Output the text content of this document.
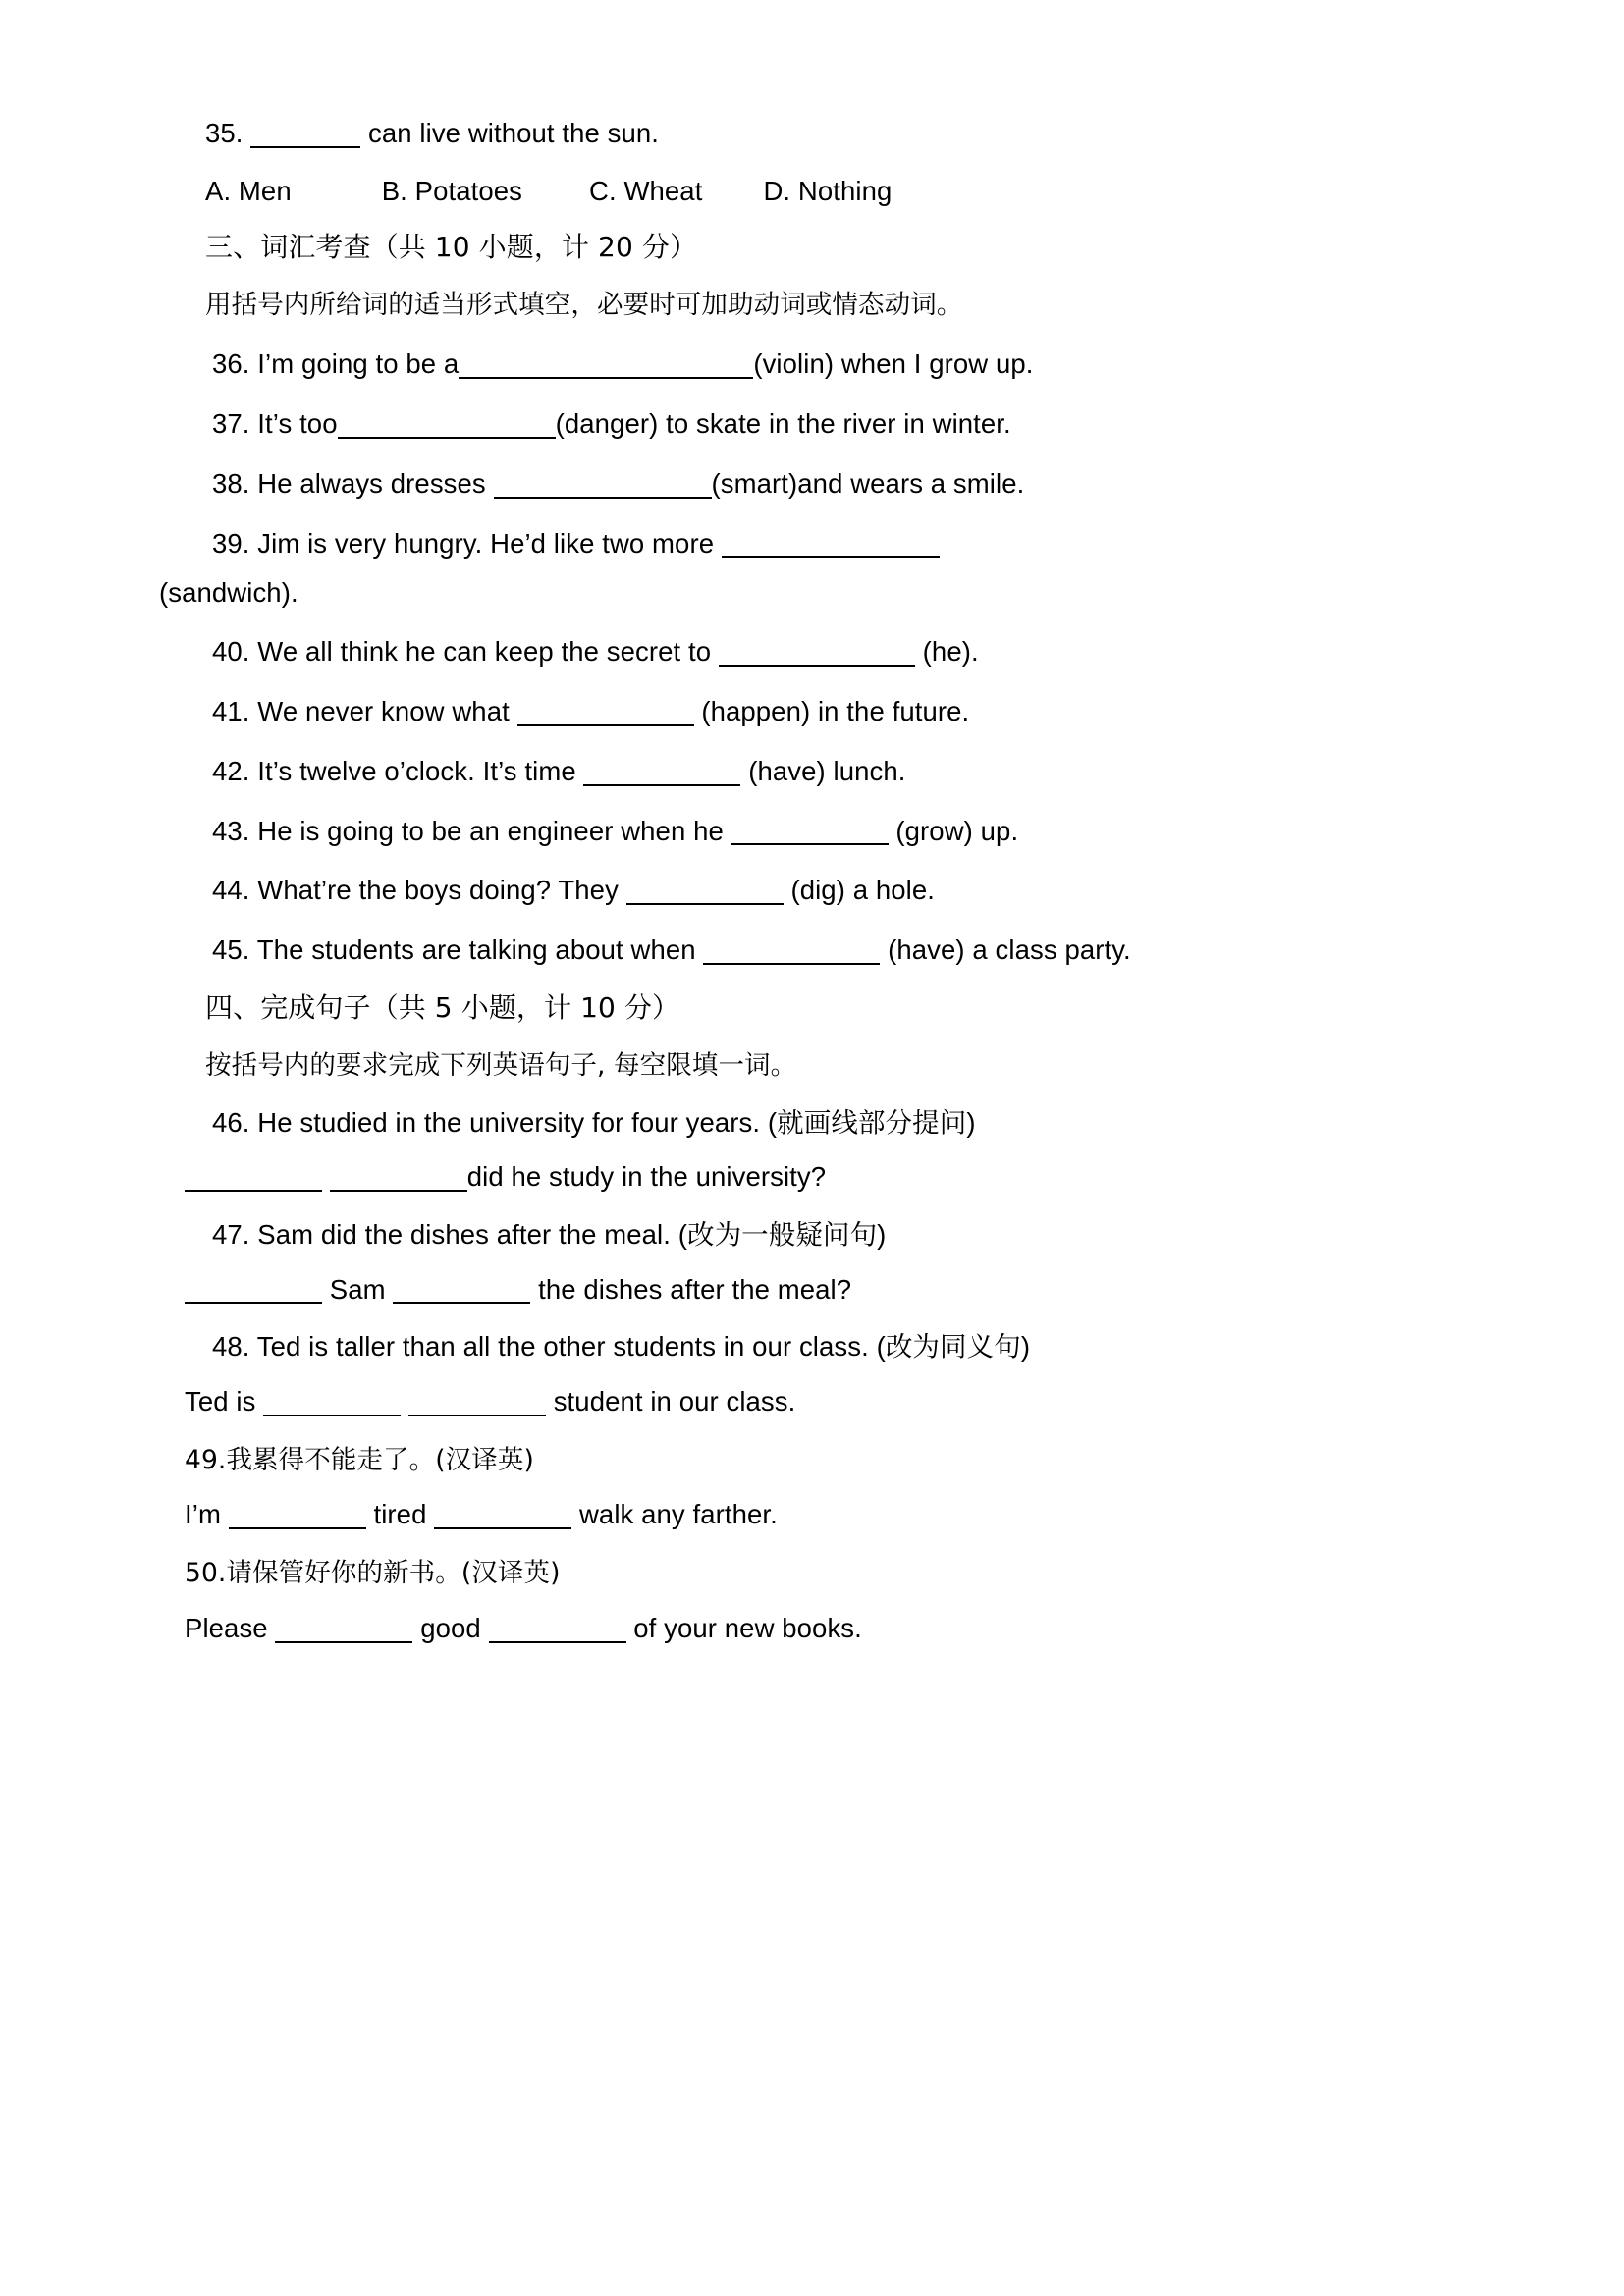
35.	can live without the sun.
A. Men	B. Potatoes C. Wheat D. Nothing
三、词汇考查（共 10 小题，计 20 分）
用括号内所给词的适当形式填空，必要时可加助动词或情态动词。
36. I’m going to be a	(violin) when I grow up.
37. It’s too	(danger) to skate in the river in winter.
38. He always dresses	(smart)and wears a smile.
39. Jim is very hungry. He’d like two more
(sandwich).
40. We all think he can keep the secret to	(he).
41. We never know what	(happen) in the future.
42. It’s twelve o’clock. It’s time	(have) lunch.
43. He is going to be an engineer when he	(grow) up.
44. What’re the boys doing? They	(dig) a hole.
45. The students are talking about when	(have) a class party.
四、完成句子（共 5 小题，计 10 分）
按括号内的要求完成下列英语句子, 每空限填一词。
46. He studied in the university for four years. (就画线部分提问)
did he study in the university?
47. Sam did the dishes after the meal. (改为一般疑问句)
Sam	the dishes after the meal?
48. Ted is taller than all the other students in our class. (改为同义句)
Ted is	student in our class.
49.我累得不能走了。(汉译英)
I’m	tired	walk any farther.
50.请保管好你的新书。(汉译英)
Please	good	of your new books.
